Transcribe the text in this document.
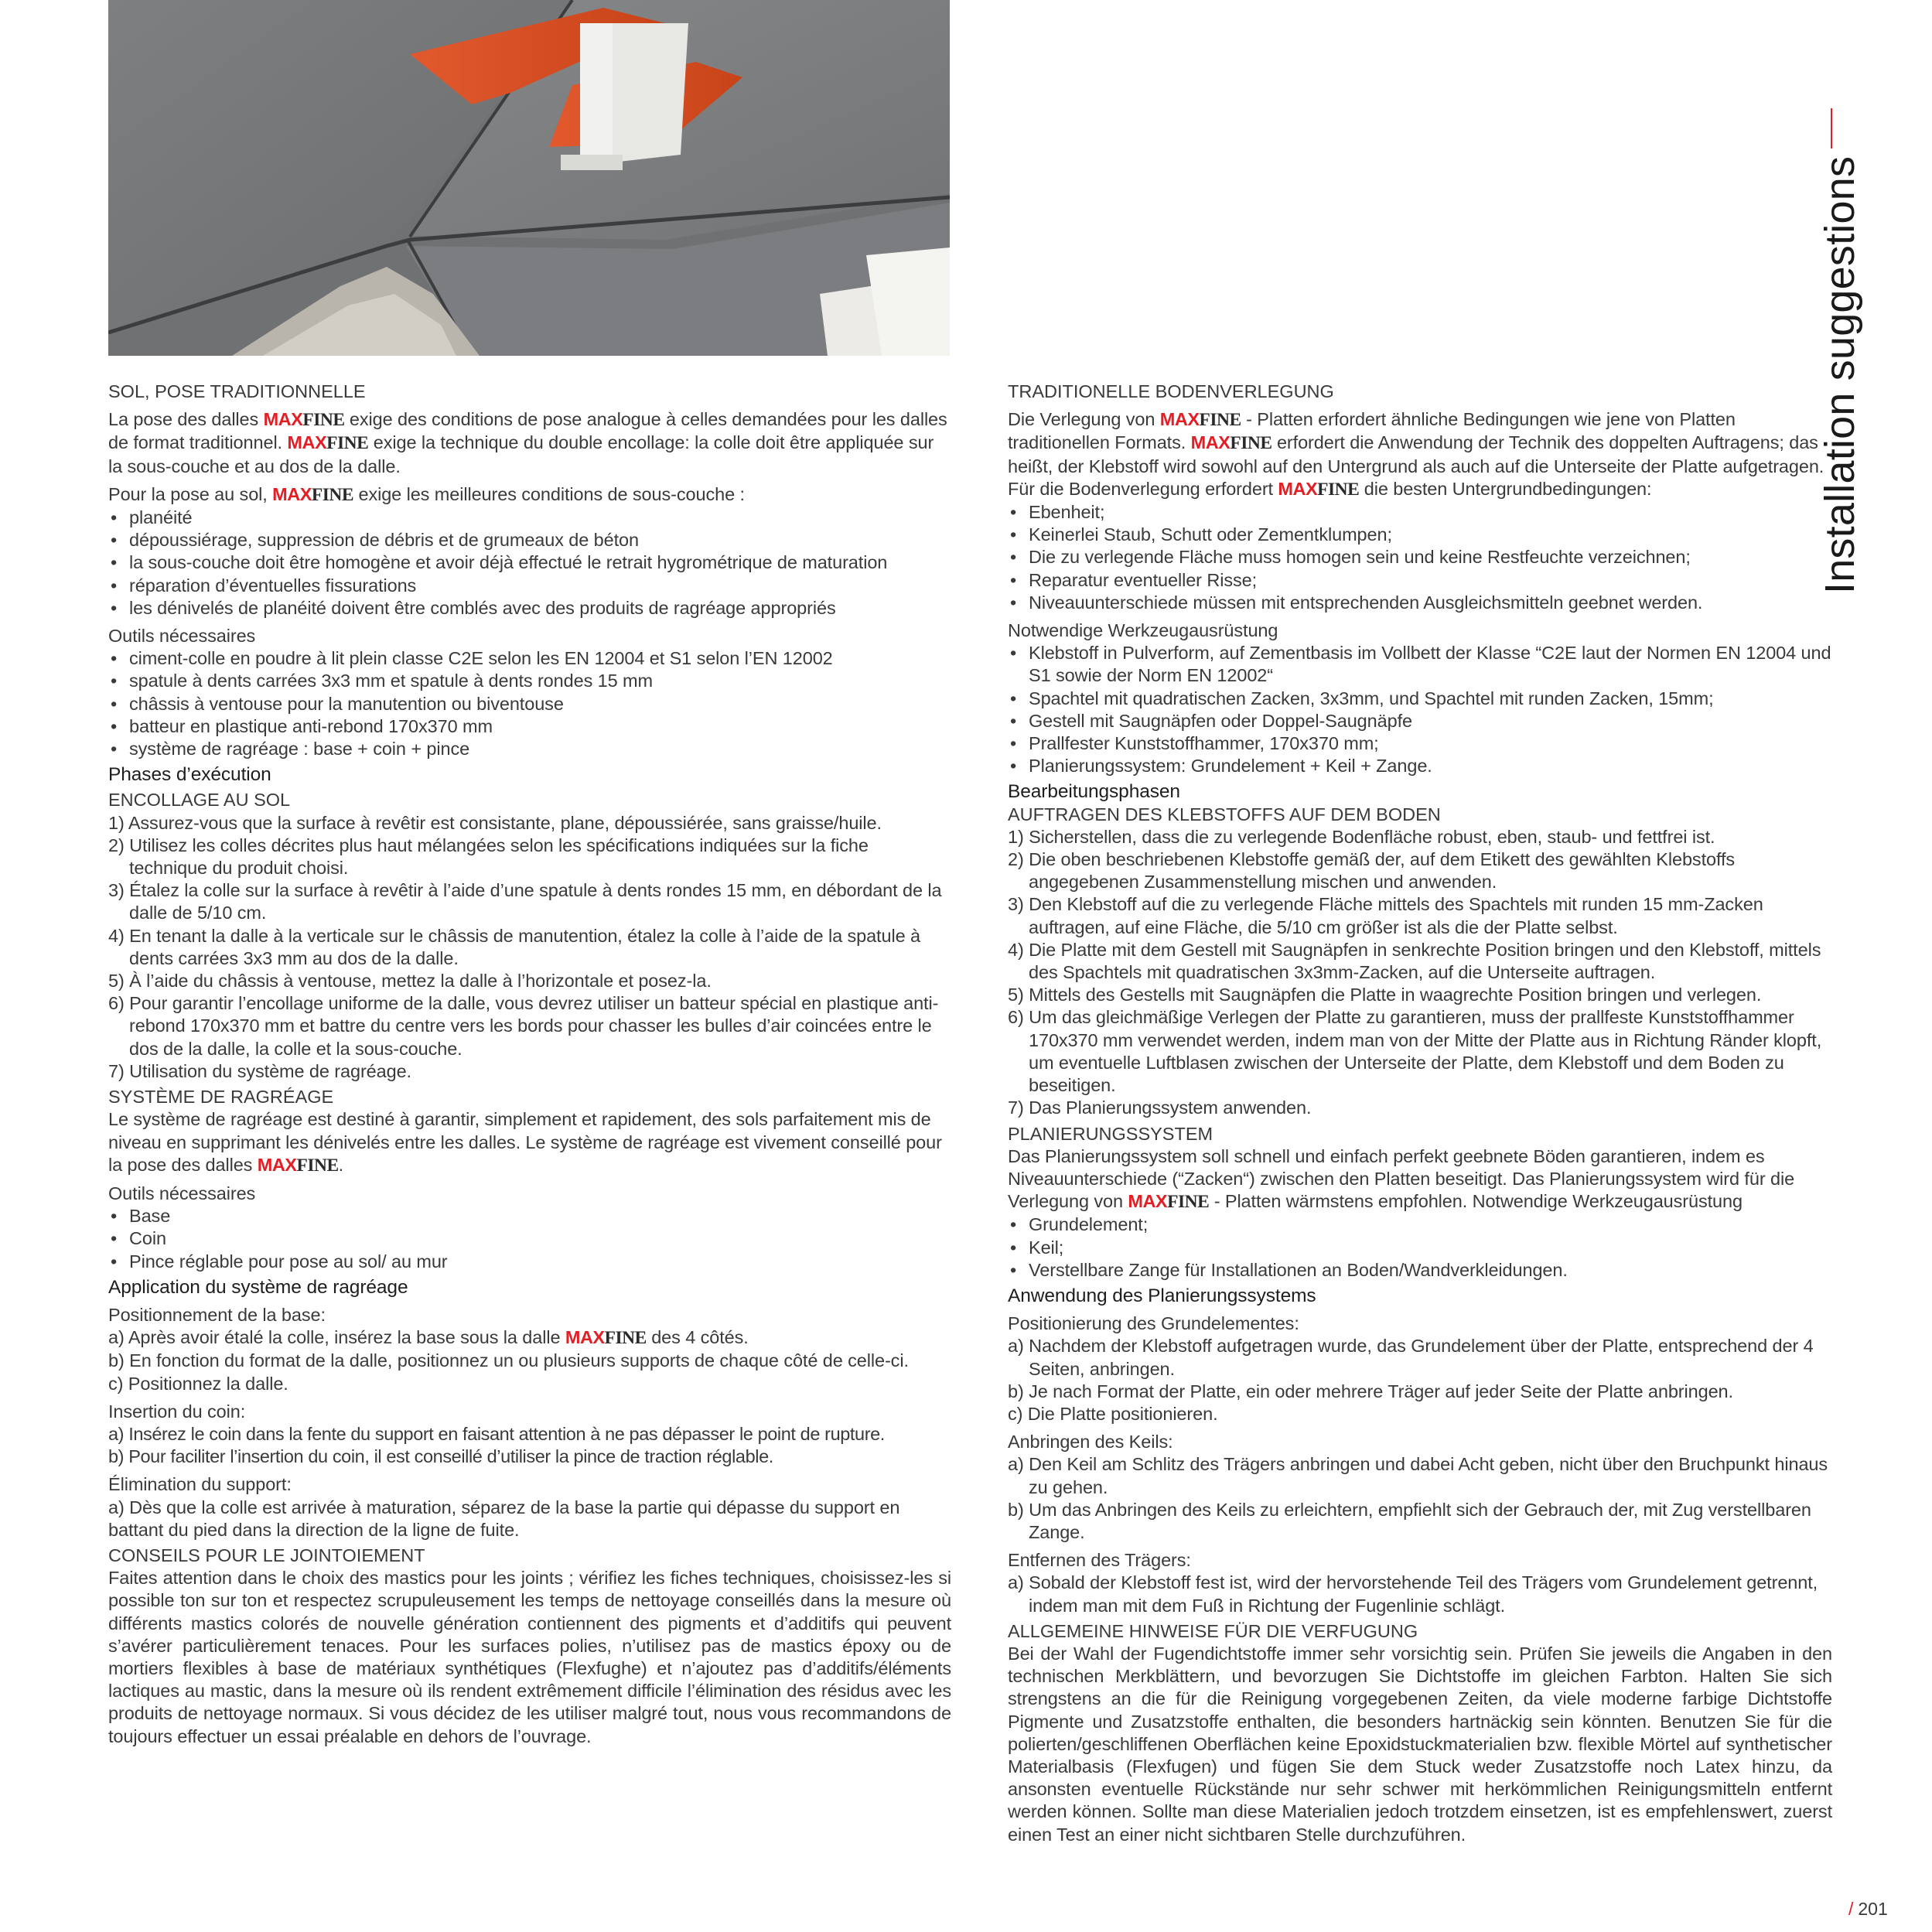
Installation suggestions

SOL, POSE TRADITIONNELLE

La pose des dalles MAXFINE exige des conditions de pose analogue à celles demandées pour les dalles de format traditionnel. MAXFINE exige la technique du double encollage: la colle doit être appliquée sur la sous-couche et au dos de la dalle.

Pour la pose au sol, MAXFINE exige les meilleures conditions de sous-couche :

• planéité
• dépoussiérage, suppression de débris et de grumeaux de béton
• la sous-couche doit être homogène et avoir déjà effectué le retrait hygrométrique de maturation
• réparation d’éventuelles fissurations
• les dénivelés de planéité doivent être comblés avec des produits de ragréage appropriés

Outils nécessaires

• ciment-colle en poudre à lit plein classe C2E selon les EN 12004 et S1 selon l’EN 12002
• spatule à dents carrées 3x3 mm et spatule à dents rondes 15 mm
• châssis à ventouse pour la manutention ou biventouse
• batteur en plastique anti-rebond 170x370 mm
• système de ragréage : base + coin + pince

Phases d’exécution

ENCOLLAGE AU SOL

1) Assurez-vous que la surface à revêtir est consistante, plane, dépoussiérée, sans graisse/huile.
2) Utilisez les colles décrites plus haut mélangées selon les spécifications indiquées sur la fiche technique du produit choisi.
3) Étalez la colle sur la surface à revêtir à l’aide d’une spatule à dents rondes 15 mm, en débordant de la dalle de 5/10 cm.
4) En tenant la dalle à la verticale sur le châssis de manutention, étalez la colle à l’aide de la spatule à dents carrées 3x3 mm au dos de la dalle.
5) À l’aide du châssis à ventouse, mettez la dalle à l’horizontale et posez-la.
6) Pour garantir l’encollage uniforme de la dalle, vous devrez utiliser un batteur spécial en plastique anti-rebond 170x370 mm et battre du centre vers les bords pour chasser les bulles d’air coincées entre le dos de la dalle, la colle et la sous-couche.
7) Utilisation du système de ragréage.

SYSTÈME DE RAGRÉAGE

Le système de ragréage est destiné à garantir, simplement et rapidement, des sols parfaitement mis de niveau en supprimant les dénivelés entre les dalles. Le système de ragréage est vivement conseillé pour la pose des dalles MAXFINE.

Outils nécessaires

• Base
• Coin
• Pince réglable pour pose au sol/ au mur

Application du système de ragréage

Positionnement de la base:

a) Après avoir étalé la colle, insérez la base sous la dalle MAXFINE des 4 côtés.
b) En fonction du format de la dalle, positionnez un ou plusieurs supports de chaque côté de celle-ci.
c) Positionnez la dalle.

Insertion du coin:

a) Insérez le coin dans la fente du support en faisant attention à ne pas dépasser le point de rupture.
b) Pour faciliter l’insertion du coin, il est conseillé d’utiliser la pince de traction réglable.

Élimination du support:

a) Dès que la colle est arrivée à maturation, séparez de la base la partie qui dépasse du support en battant du pied dans la direction de la ligne de fuite.

CONSEILS POUR LE JOINTOIEMENT

Faites attention dans le choix des mastics pour les joints ; vérifiez les fiches techniques, choisissez-les si possible ton sur ton et respectez scrupuleusement les temps de nettoyage conseillés dans la mesure où différents mastics colorés de nouvelle génération contiennent des pigments et d’additifs qui peuvent s’avérer particulièrement tenaces. Pour les surfaces polies, n’utilisez pas de mastics époxy ou de mortiers flexibles à base de matériaux synthétiques (Flexfughe) et n’ajoutez pas d’additifs/éléments lactiques au mastic, dans la mesure où ils rendent extrêmement difficile l’élimination des résidus avec les produits de nettoyage normaux. Si vous décidez de les utiliser malgré tout, nous vous recommandons de toujours effectuer un essai préalable en dehors de l’ouvrage.

TRADITIONELLE BODENVERLEGUNG

Die Verlegung von MAXFINE - Platten erfordert ähnliche Bedingungen wie jene von Platten traditionellen Formats. MAXFINE erfordert die Anwendung der Technik des doppelten Auftragens; das heißt, der Klebstoff wird sowohl auf den Untergrund als auch auf die Unterseite der Platte aufgetragen. Für die Bodenverlegung erfordert MAXFINE die besten Untergrundbedingungen:

• Ebenheit;
• Keinerlei Staub, Schutt oder Zementklumpen;
• Die zu verlegende Fläche muss homogen sein und keine Restfeuchte verzeichnen;
• Reparatur eventueller Risse;
• Niveauunterschiede müssen mit entsprechenden Ausgleichsmitteln geebnet werden.

Notwendige Werkzeugausrüstung

• Klebstoff in Pulverform, auf Zementbasis im Vollbett der Klasse “C2E laut der Normen EN 12004 und S1 sowie der Norm EN 12002“
• Spachtel mit quadratischen Zacken, 3x3mm, und Spachtel mit runden Zacken, 15mm;
• Gestell mit Saugnäpfen oder Doppel-Saugnäpfe
• Prallfester Kunststoffhammer, 170x370 mm;
• Planierungssystem: Grundelement + Keil + Zange.

Bearbeitungsphasen

AUFTRAGEN DES KLEBSTOFFS AUF DEM BODEN

1) Sicherstellen, dass die zu verlegende Bodenfläche robust, eben, staub- und fettfrei ist.
2) Die oben beschriebenen Klebstoffe gemäß der, auf dem Etikett des gewählten Klebstoffs angegebenen Zusammenstellung mischen und anwenden.
3) Den Klebstoff auf die zu verlegende Fläche mittels des Spachtels mit runden 15 mm-Zacken auftragen, auf eine Fläche, die 5/10 cm größer ist als die der Platte selbst.
4) Die Platte mit dem Gestell mit Saugnäpfen in senkrechte Position bringen und den Klebstoff, mittels des Spachtels mit quadratischen 3x3mm-Zacken, auf die Unterseite auftragen.
5) Mittels des Gestells mit Saugnäpfen die Platte in waagrechte Position bringen und verlegen.
6) Um das gleichmäßige Verlegen der Platte zu garantieren, muss der prallfeste Kunststoffhammer 170x370 mm verwendet werden, indem man von der Mitte der Platte aus in Richtung Ränder klopft, um eventuelle Luftblasen zwischen der Unterseite der Platte, dem Klebstoff und dem Boden zu beseitigen.
7) Das Planierungssystem anwenden.

PLANIERUNGSSYSTEM

Das Planierungssystem soll schnell und einfach perfekt geebnete Böden garantieren, indem es Niveauunterschiede (“Zacken“) zwischen den Platten beseitigt. Das Planierungssystem wird für die Verlegung von MAXFINE - Platten wärmstens empfohlen. Notwendige Werkzeugausrüstung

• Grundelement;
• Keil;
• Verstellbare Zange für Installationen an Boden/Wandverkleidungen.

Anwendung des Planierungssystems

Positionierung des Grundelementes:

a) Nachdem der Klebstoff aufgetragen wurde, das Grundelement über der Platte, entsprechend der 4 Seiten, anbringen.
b) Je nach Format der Platte, ein oder mehrere Träger auf jeder Seite der Platte anbringen.
c) Die Platte positionieren.

Anbringen des Keils:

a) Den Keil am Schlitz des Trägers anbringen und dabei Acht geben, nicht über den Bruchpunkt hinaus zu gehen.
b) Um das Anbringen des Keils zu erleichtern, empfiehlt sich der Gebrauch der, mit Zug verstellbaren Zange.

Entfernen des Trägers:

a) Sobald der Klebstoff fest ist, wird der hervorstehende Teil des Trägers vom Grundelement getrennt, indem man mit dem Fuß in Richtung der Fugenlinie schlägt.

ALLGEMEINE HINWEISE FÜR DIE VERFUGUNG

Bei der Wahl der Fugendichtstoffe immer sehr vorsichtig sein. Prüfen Sie jeweils die Angaben in den technischen Merkblättern, und bevorzugen Sie Dichtstoffe im gleichen Farbton. Halten Sie sich strengstens an die für die Reinigung vorgegebenen Zeiten, da viele moderne farbige Dichtstoffe Pigmente und Zusatzstoffe enthalten, die besonders hartnäckig sein könnten. Benutzen Sie für die polierten/geschliffenen Oberflächen keine Epoxidstuckmaterialien bzw. flexible Mörtel auf synthetischer Materialbasis (Flexfugen) und fügen Sie dem Stuck weder Zusatzstoffe noch Latex hinzu, da ansonsten eventuelle Rückstände nur sehr schwer mit herkömmlichen Reinigungsmitteln entfernt werden können. Sollte man diese Materialien jedoch trotzdem einsetzen, ist es empfehlenswert, zuerst einen Test an einer nicht sichtbaren Stelle durchzuführen.

/ 201
